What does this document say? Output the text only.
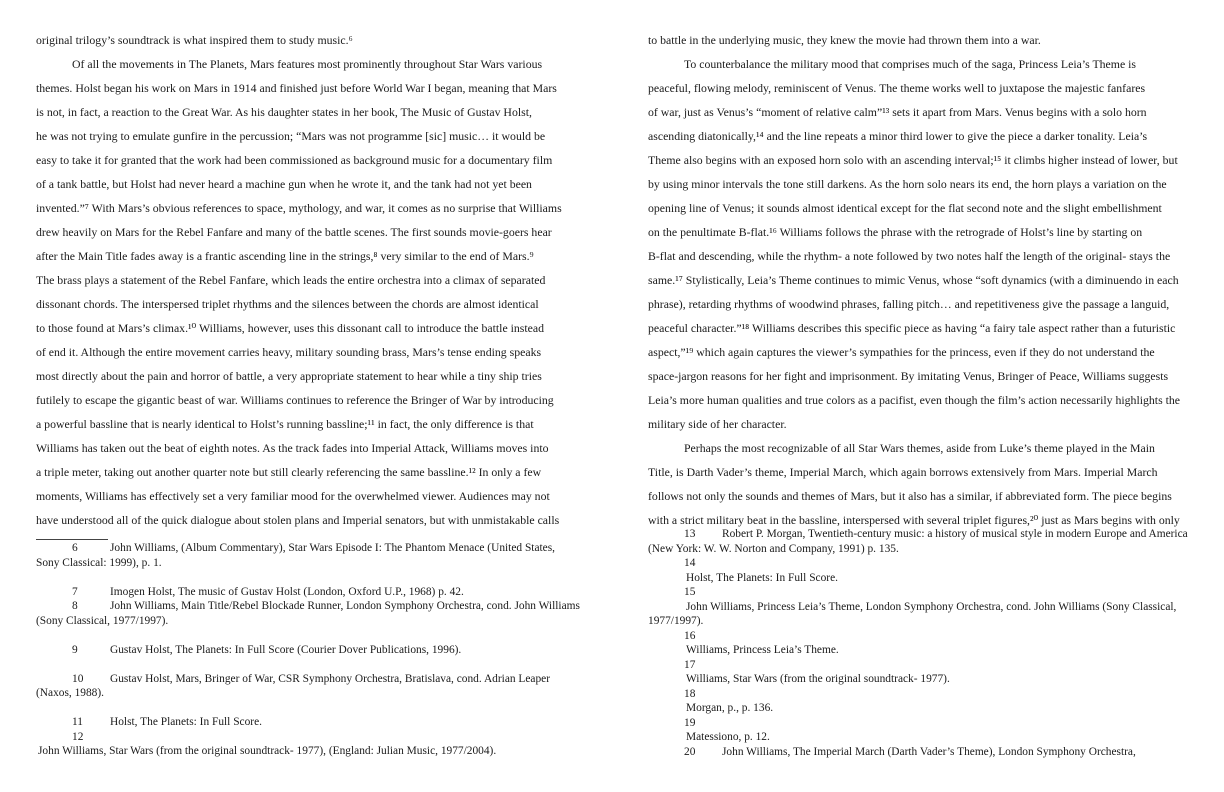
original trilogy’s soundtrack is what inspired them to study music.⁶
Of all the movements in The Planets, Mars features most prominently throughout Star Wars various
themes. Holst began his work on Mars in 1914 and finished just before World War I began, meaning that Mars
is not, in fact, a reaction to the Great War. As his daughter states in her book, The Music of Gustav Holst,
he was not trying to emulate gunfire in the percussion; “Mars was not programme [sic] music… it would be
easy to take it for granted that the work had been commissioned as background music for a documentary film
of a tank battle, but Holst had never heard a machine gun when he wrote it, and the tank had not yet been
invented.”⁷ With Mars’s obvious references to space, mythology, and war, it comes as no surprise that Williams
drew heavily on Mars for the Rebel Fanfare and many of the battle scenes. The first sounds movie-goers hear
after the Main Title fades away is a frantic ascending line in the strings,⁸ very similar to the end of Mars.⁹
The brass plays a statement of the Rebel Fanfare, which leads the entire orchestra into a climax of separated
dissonant chords. The interspersed triplet rhythms and the silences between the chords are almost identical
to those found at Mars’s climax.¹⁰ Williams, however, uses this dissonant call to introduce the battle instead
of end it. Although the entire movement carries heavy, military sounding brass, Mars’s tense ending speaks
most directly about the pain and horror of battle, a very appropriate statement to hear while a tiny ship tries
futilely to escape the gigantic beast of war. Williams continues to reference the Bringer of War by introducing
a powerful bassline that is nearly identical to Holst’s running bassline;¹¹ in fact, the only difference is that
Williams has taken out the beat of eighth notes. As the track fades into Imperial Attack, Williams moves into
a triple meter, taking out another quarter note but still clearly referencing the same bassline.¹² In only a few
moments, Williams has effectively set a very familiar mood for the overwhelmed viewer. Audiences may not
have understood all of the quick dialogue about stolen plans and Imperial senators, but with unmistakable calls
to battle in the underlying music, they knew the movie had thrown them into a war.
To counterbalance the military mood that comprises much of the saga, Princess Leia’s Theme is
peaceful, flowing melody, reminiscent of Venus. The theme works well to juxtapose the majestic fanfares
of war, just as Venus’s “moment of relative calm”¹³ sets it apart from Mars. Venus begins with a solo horn
ascending diatonically,¹⁴ and the line repeats a minor third lower to give the piece a darker tonality. Leia’s
Theme also begins with an exposed horn solo with an ascending interval;¹⁵ it climbs higher instead of lower, but
by using minor intervals the tone still darkens. As the horn solo nears its end, the horn plays a variation on the
opening line of Venus; it sounds almost identical except for the flat second note and the slight embellishment
on the penultimate B-flat.¹⁶ Williams follows the phrase with the retrograde of Holst’s line by starting on
B-flat and descending, while the rhythm- a note followed by two notes half the length of the original- stays the
same.¹⁷ Stylistically, Leia’s Theme continues to mimic Venus, whose “soft dynamics (with a diminuendo in each
phrase), retarding rhythms of woodwind phrases, falling pitch… and repetitiveness give the passage a languid,
peaceful character.”¹⁸ Williams describes this specific piece as having “a fairy tale aspect rather than a futuristic
aspect,”¹⁹ which again captures the viewer’s sympathies for the princess, even if they do not understand the
space-jargon reasons for her fight and imprisonment. By imitating Venus, Bringer of Peace, Williams suggests
Leia’s more human qualities and true colors as a pacifist, even though the film’s action necessarily highlights the
military side of her character.
Perhaps the most recognizable of all Star Wars themes, aside from Luke’s theme played in the Main
Title, is Darth Vader’s theme, Imperial March, which again borrows extensively from Mars. Imperial March
follows not only the sounds and themes of Mars, but it also has a similar, if abbreviated form. The piece begins
with a strict military beat in the bassline, interspersed with several triplet figures,²⁰ just as Mars begins with only
6	John Williams, (Album Commentary), Star Wars Episode I: The Phantom Menace (United States, Sony Classical: 1999), p. 1.
7	Imogen Holst, The music of Gustav Holst (London, Oxford U.P., 1968) p. 42.
8	John Williams, Main Title/Rebel Blockade Runner, London Symphony Orchestra, cond. John Williams (Sony Classical, 1977/1997).
9	Gustav Holst, The Planets: In Full Score (Courier Dover Publications, 1996).
10 Gustav Holst, Mars, Bringer of War, CSR Symphony Orchestra, Bratislava, cond. Adrian Leaper (Naxos, 1988).
11 Holst, The Planets: In Full Score.
12

John Williams, Star Wars (from the original soundtrack- 1977), (England: Julian Music, 1977/2004).
13 Robert P. Morgan, Twentieth-century music: a history of musical style in modern Europe and America (New York: W. W. Norton and Company, 1991) p. 135.
14
Holst, The Planets: In Full Score.
15
John Williams, Princess Leia’s Theme, London Symphony Orchestra, cond. John Williams (Sony Classical, 1977/1997).
16
Williams, Princess Leia’s Theme.
17
Williams, Star Wars (from the original soundtrack- 1977).
18
Morgan, p., p. 136.
19
Matessiono, p. 12.
20 John Williams, The Imperial March (Darth Vader’s Theme), London Symphony Orchestra,
